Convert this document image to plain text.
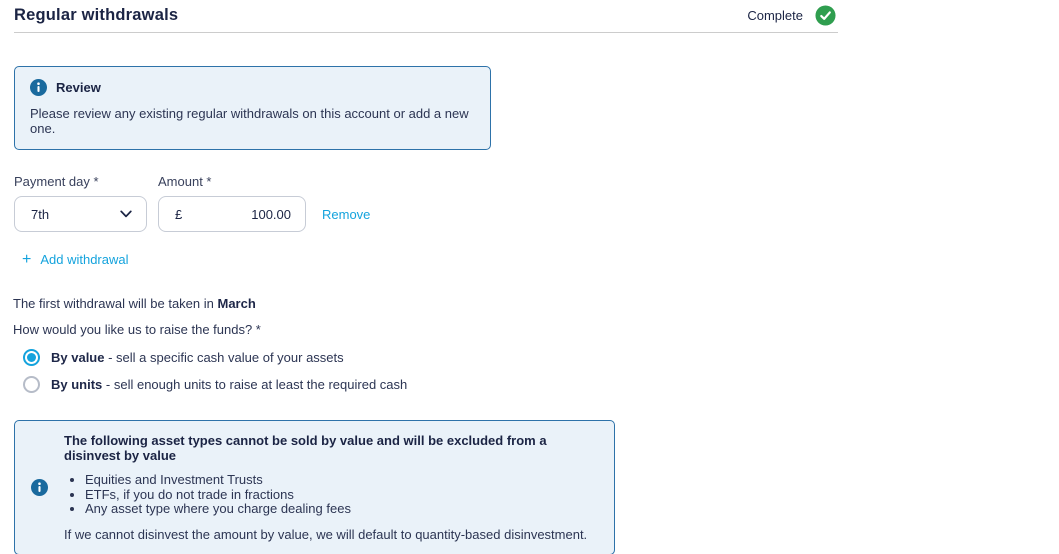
Regular withdrawals	Complete
Review

Please review any existing regular withdrawals on this account or add a new one.

Payment day *	Amount *
7th	£	100.00 Remove
+ Add withdrawal

The first withdrawal will be taken in March

How would you like us to raise the funds? *

By value - sell a specific cash value of your assets
By units - sell enough units to raise at least the required cash

The following asset types cannot be sold by value and will be excluded from a disinvest by value

• Equities and Investment Trusts
• ETFs, if you do not trade in fractions
• Any asset type where you charge dealing fees

If we cannot disinvest the amount by value, we will default to quantity-based disinvestment.
